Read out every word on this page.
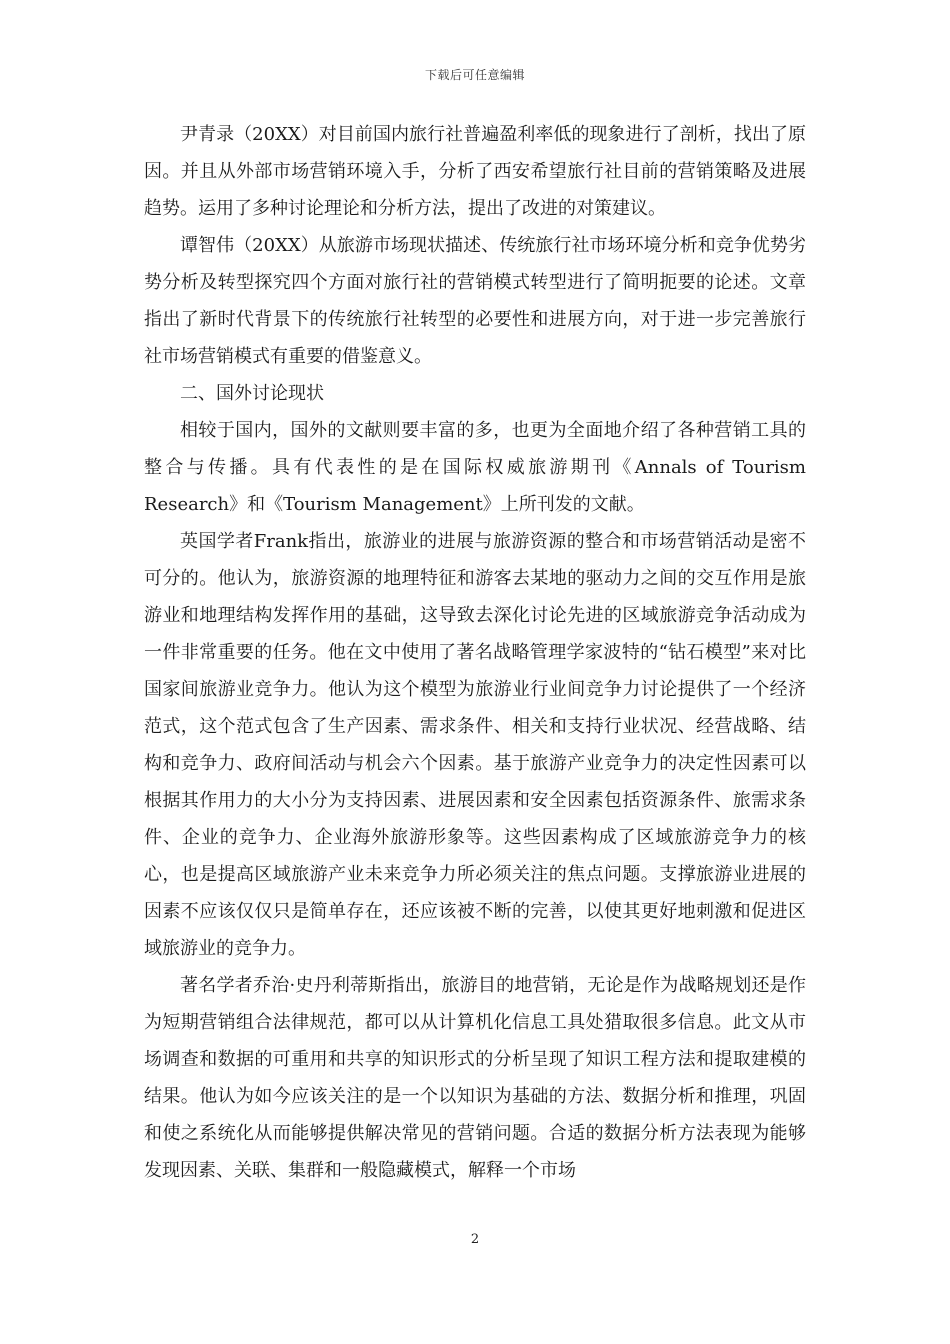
下载后可任意编辑

尹青录（20XX）对目前国内旅行社普遍盈利率低的现象进行了剖析，找出了原因。并且从外部市场营销环境入手，分析了西安希望旅行社目前的营销策略及进展趋势。运用了多种讨论理论和分析方法，提出了改进的对策建议。

谭智伟（20XX）从旅游市场现状描述、传统旅行社市场环境分析和竞争优势劣势分析及转型探究四个方面对旅行社的营销模式转型进行了简明扼要的论述。文章指出了新时代背景下的传统旅行社转型的必要性和进展方向，对于进一步完善旅行社市场营销模式有重要的借鉴意义。

二、国外讨论现状

相较于国内，国外的文献则要丰富的多，也更为全面地介绍了各种营销工具的整合与传播。具有代表性的是在国际权威旅游期刊《Annals of Tourism Research》和《Tourism Management》上所刊发的文献。

英国学者Frank指出，旅游业的进展与旅游资源的整合和市场营销活动是密不可分的。他认为，旅游资源的地理特征和游客去某地的驱动力之间的交互作用是旅游业和地理结构发挥作用的基础，这导致去深化讨论先进的区域旅游竞争活动成为一件非常重要的任务。他在文中使用了著名战略管理学家波特的“钻石模型”来对比国家间旅游业竞争力。他认为这个模型为旅游业行业间竞争力讨论提供了一个经济范式，这个范式包含了生产因素、需求条件、相关和支持行业状况、经营战略、结构和竞争力、政府间活动与机会六个因素。基于旅游产业竞争力的决定性因素可以根据其作用力的大小分为支持因素、进展因素和安全因素包括资源条件、旅需求条件、企业的竞争力、企业海外旅游形象等。这些因素构成了区域旅游竞争力的核心，也是提高区域旅游产业未来竞争力所必须关注的焦点问题。支撑旅游业进展的因素不应该仅仅只是简单存在，还应该被不断的完善，以使其更好地刺激和促进区域旅游业的竞争力。

著名学者乔治·史丹利蒂斯指出，旅游目的地营销，无论是作为战略规划还是作为短期营销组合法律规范，都可以从计算机化信息工具处猎取很多信息。此文从市场调查和数据的可重用和共享的知识形式的分析呈现了知识工程方法和提取建模的结果。他认为如今应该关注的是一个以知识为基础的方法、数据分析和推理，巩固和使之系统化从而能够提供解决常见的营销问题。合适的数据分析方法表现为能够发现因素、关联、集群和一般隐藏模式，解释一个市场

2
